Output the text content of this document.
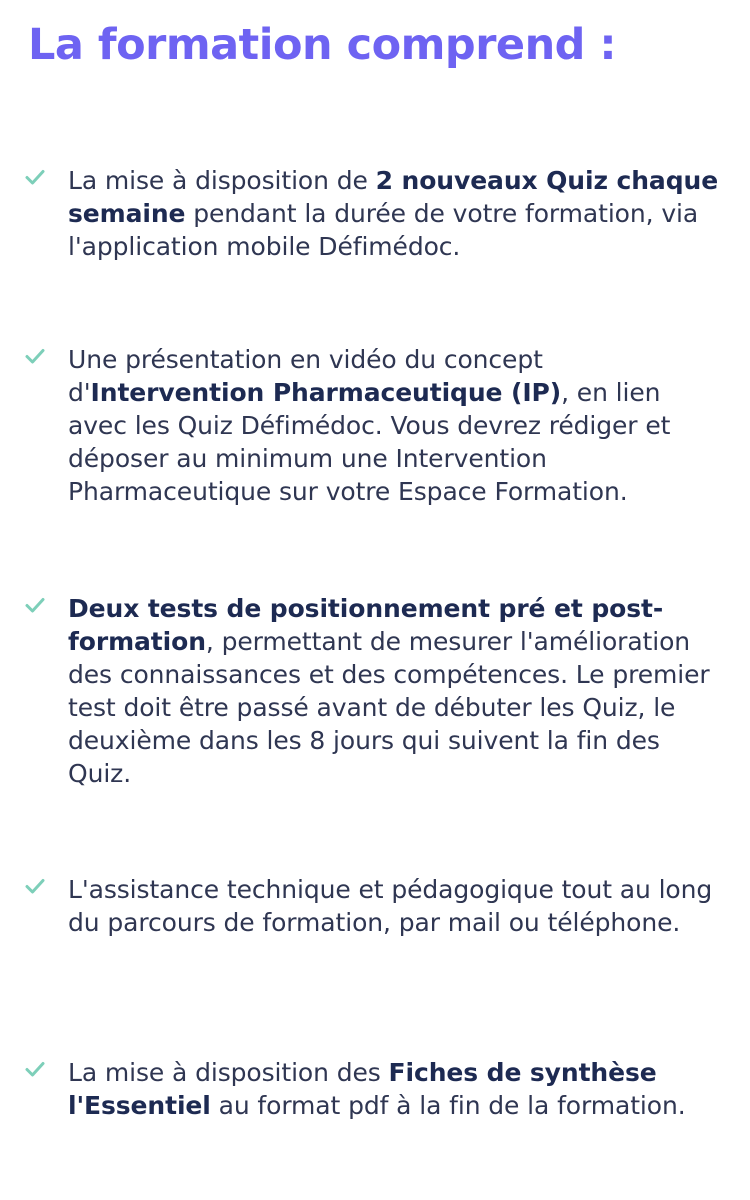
La formation comprend :
La mise à disposition de 2 nouveaux Quiz chaque semaine pendant la durée de votre formation, via l'application mobile Défimédoc.
Une présentation en vidéo du concept d'Intervention Pharmaceutique (IP), en lien avec les Quiz Défimédoc. Vous devrez rédiger et déposer au minimum une Intervention Pharmaceutique sur votre Espace Formation.
Deux tests de positionnement pré et post-formation, permettant de mesurer l'amélioration des connaissances et des compétences. Le premier test doit être passé avant de débuter les Quiz, le deuxième dans les 8 jours qui suivent la fin des Quiz.
L'assistance technique et pédagogique tout au long du parcours de formation, par mail ou téléphone.
La mise à disposition des Fiches de synthèse l'Essentiel au format pdf à la fin de la formation.
